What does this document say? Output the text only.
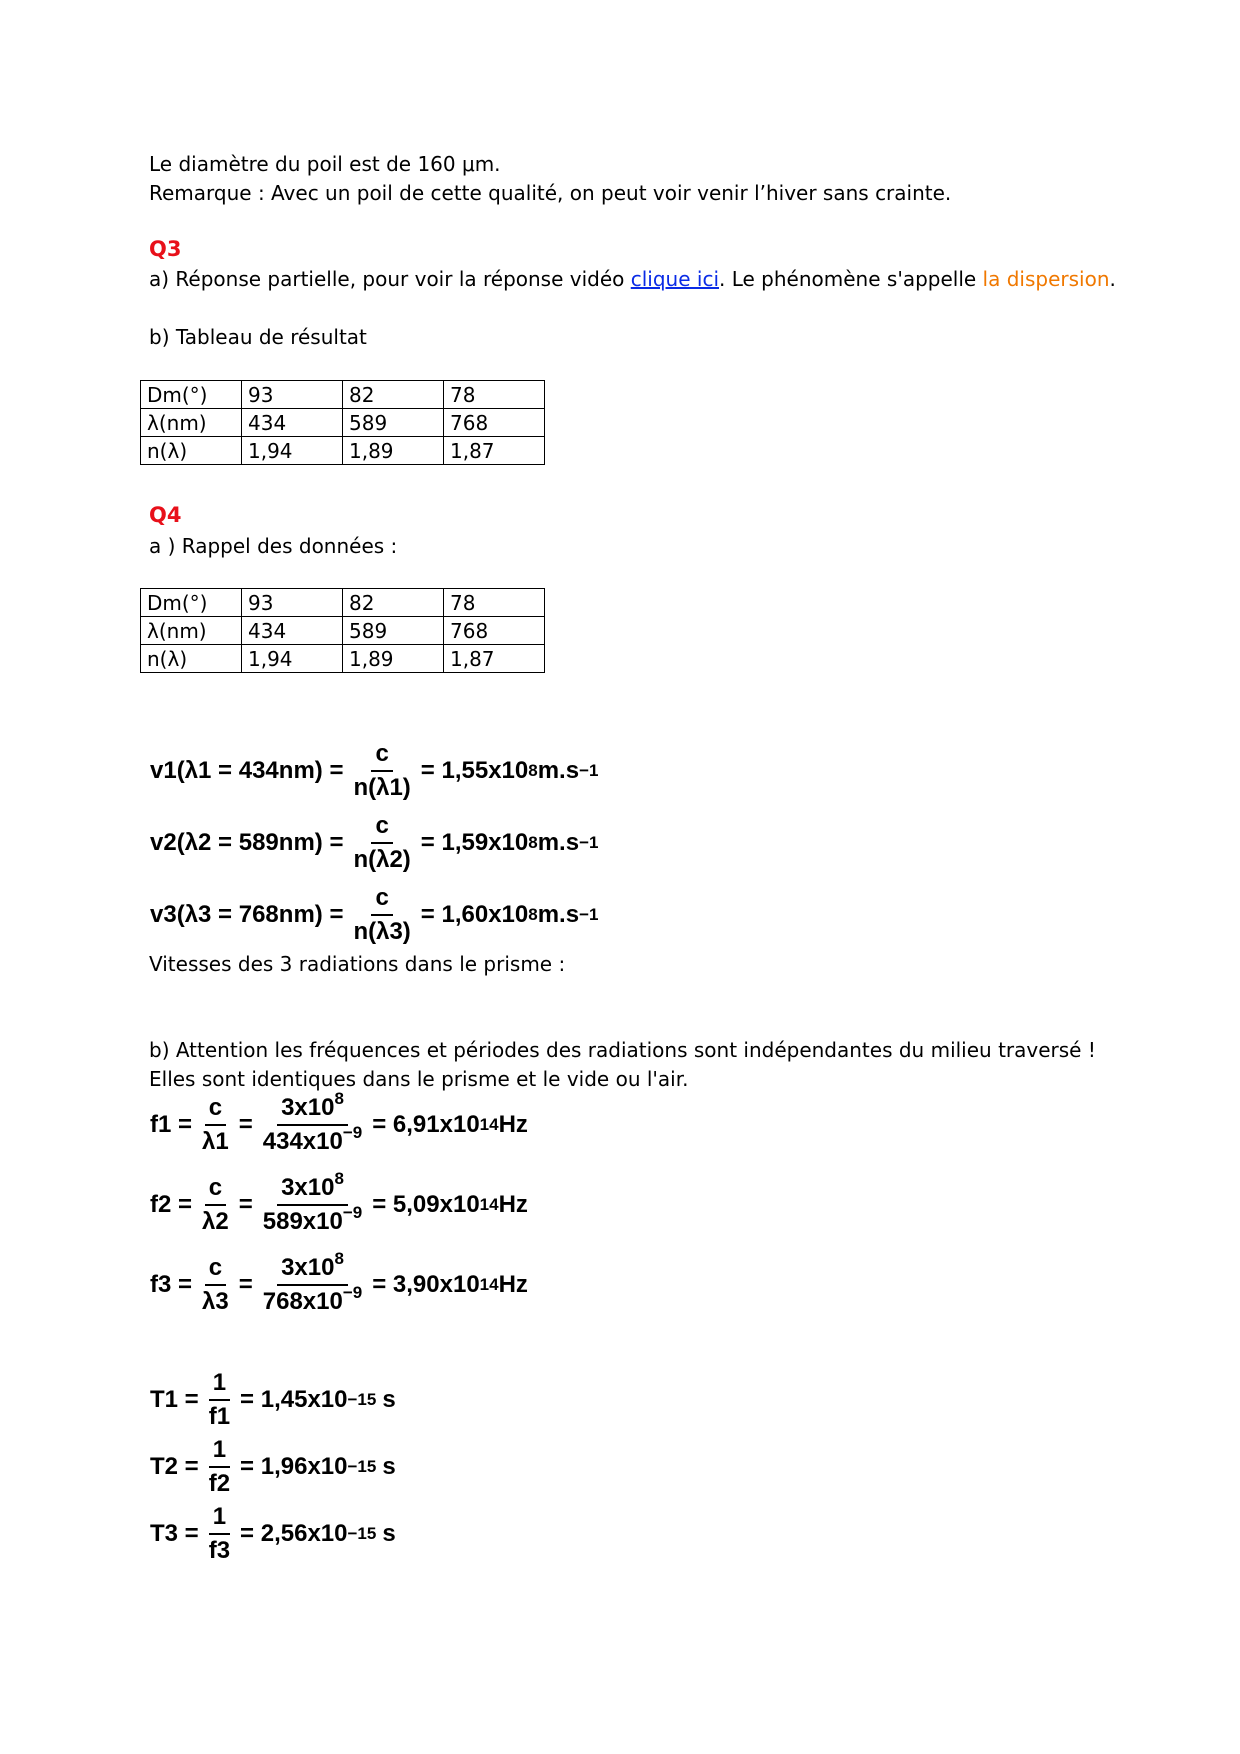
Le diamètre du poil est de 160 μm.
Remarque : Avec un poil de cette qualité, on peut voir venir l’hiver sans crainte.
Q3
a) Réponse partielle, pour voir la réponse vidéo clique ici. Le phénomène s'appelle la dispersion.
b) Tableau de résultat
Dm(°)	93	82	78
λ(nm)	434	589	768
n(λ)	1,94	1,89	1,87
Q4
a ) Rappel des données :
Dm(°)	93	82	78
λ(nm)	434	589	768
n(λ)	1,94	1,89	1,87
$v1(\lambda 1 = 434nm) = \frac{c}{n(\lambda 1)} = 1,55x10$ 8 m.s −1
$v2(\lambda 2 = 589nm) = \frac{c}{n(\lambda 2)} = 1,59x10$ 8 m.s −1
$v3(\lambda 3 = 768nm) = \frac{c}{n(\lambda 3)} = 1,60x10$ 8 m.s −1
Vitesses des 3 radiations dans le prisme :
b) Attention les fréquences et périodes des radiations sont indépendantes du milieu traversé !
Elles sont identiques dans le prisme et le vide ou l'air.
$f1 = \frac{c}{\lambda 1} = \frac{3x10^8}{434x10^{-9}} = 6,91x10$ 14 Hz
$f2 = \frac{c}{\lambda 2} = \frac{3x10^8}{589x10^{-9}} = 5,09x10$ 14 Hz
$f3 = \frac{c}{\lambda 3} = \frac{3x10^8}{768x10^{-9}} = 3,90x10$ 14 Hz
$T1 = \frac{1}{f1} = 1,45x10 -15$ s
$T2 = \frac{1}{f2} = 1,96x10 -15$ s
$T3 = \frac{1}{f3} = 2,56x10 -15$ s
